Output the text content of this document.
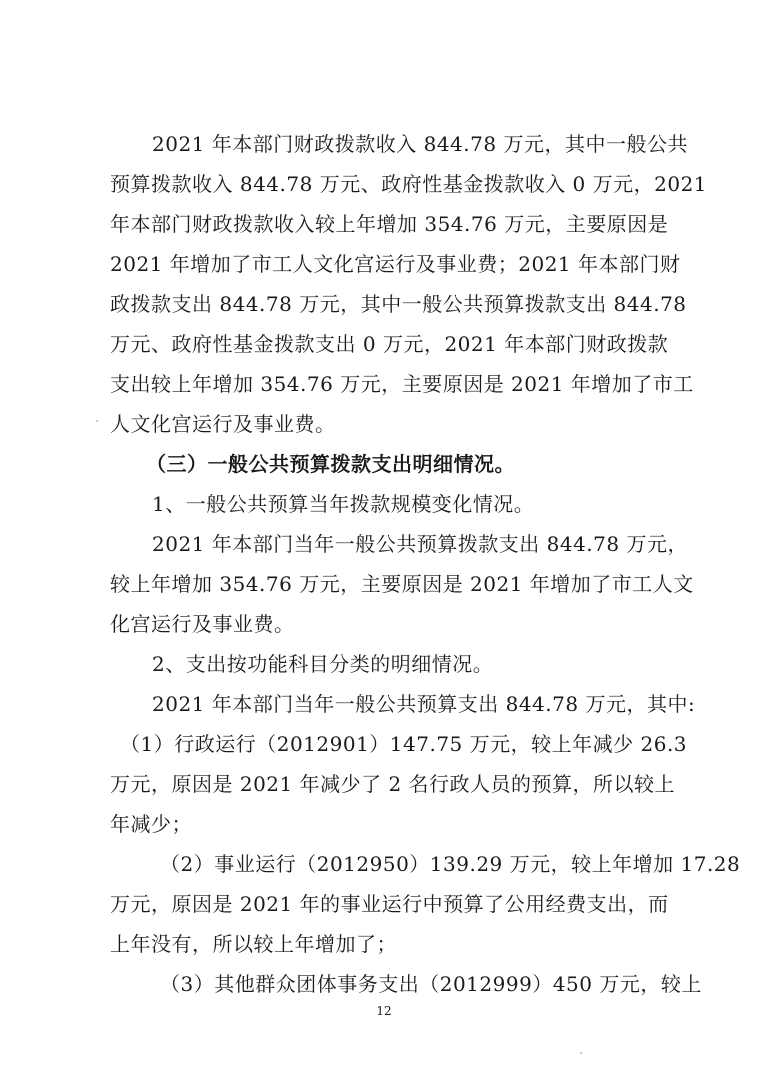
2021 年本部门财政拨款收入 844.78 万元，其中一般公共
预算拨款收入 844.78 万元、政府性基金拨款收入 0 万元，2021
年本部门财政拨款收入较上年增加 354.76 万元，主要原因是
2021 年增加了市工人文化宫运行及事业费；2021 年本部门财
政拨款支出 844.78 万元，其中一般公共预算拨款支出 844.78
万元、政府性基金拨款支出 0 万元，2021 年本部门财政拨款
支出较上年增加 354.76 万元，主要原因是 2021 年增加了市工
人文化宫运行及事业费。
（三）一般公共预算拨款支出明细情况。
1、一般公共预算当年拨款规模变化情况。
2021 年本部门当年一般公共预算拨款支出 844.78 万元，
较上年增加 354.76 万元，主要原因是 2021 年增加了市工人文
化宫运行及事业费。
2、支出按功能科目分类的明细情况。
2021 年本部门当年一般公共预算支出 844.78 万元，其中:
（1）行政运行（2012901）147.75 万元，较上年减少 26.3
万元，原因是 2021 年减少了 2 名行政人员的预算，所以较上
年减少；
（2）事业运行（2012950）139.29 万元，较上年增加 17.28
万元，原因是 2021 年的事业运行中预算了公用经费支出，而
上年没有，所以较上年增加了；
（3）其他群众团体事务支出（2012999）450 万元，较上
12
